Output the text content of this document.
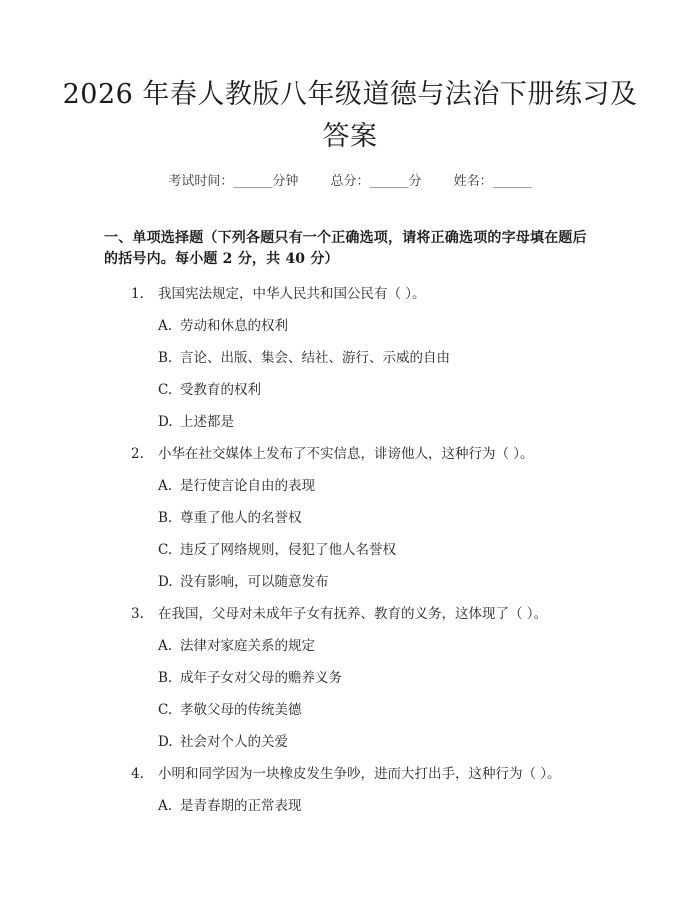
2026 年春人教版八年级道德与法治下册练习及答案
考试时间：______分钟 总分：______分 姓名：______
一、单项选择题（下列各题只有一个正确选项，请将正确选项的字母填在题后的括号内。每小题 2 分，共 40 分）
1. 我国宪法规定，中华人民共和国公民有（ ）。
A. 劳动和休息的权利
B. 言论、出版、集会、结社、游行、示威的自由
C. 受教育的权利
D. 上述都是
2. 小华在社交媒体上发布了不实信息，诽谤他人，这种行为（ ）。
A. 是行使言论自由的表现
B. 尊重了他人的名誉权
C. 违反了网络规则，侵犯了他人名誉权
D. 没有影响，可以随意发布
3. 在我国，父母对未成年子女有抚养、教育的义务，这体现了（ ）。
A. 法律对家庭关系的规定
B. 成年子女对父母的赡养义务
C. 孝敬父母的传统美德
D. 社会对个人的关爱
4. 小明和同学因为一块橡皮发生争吵，进而大打出手，这种行为（ ）。
A. 是青春期的正常表现
